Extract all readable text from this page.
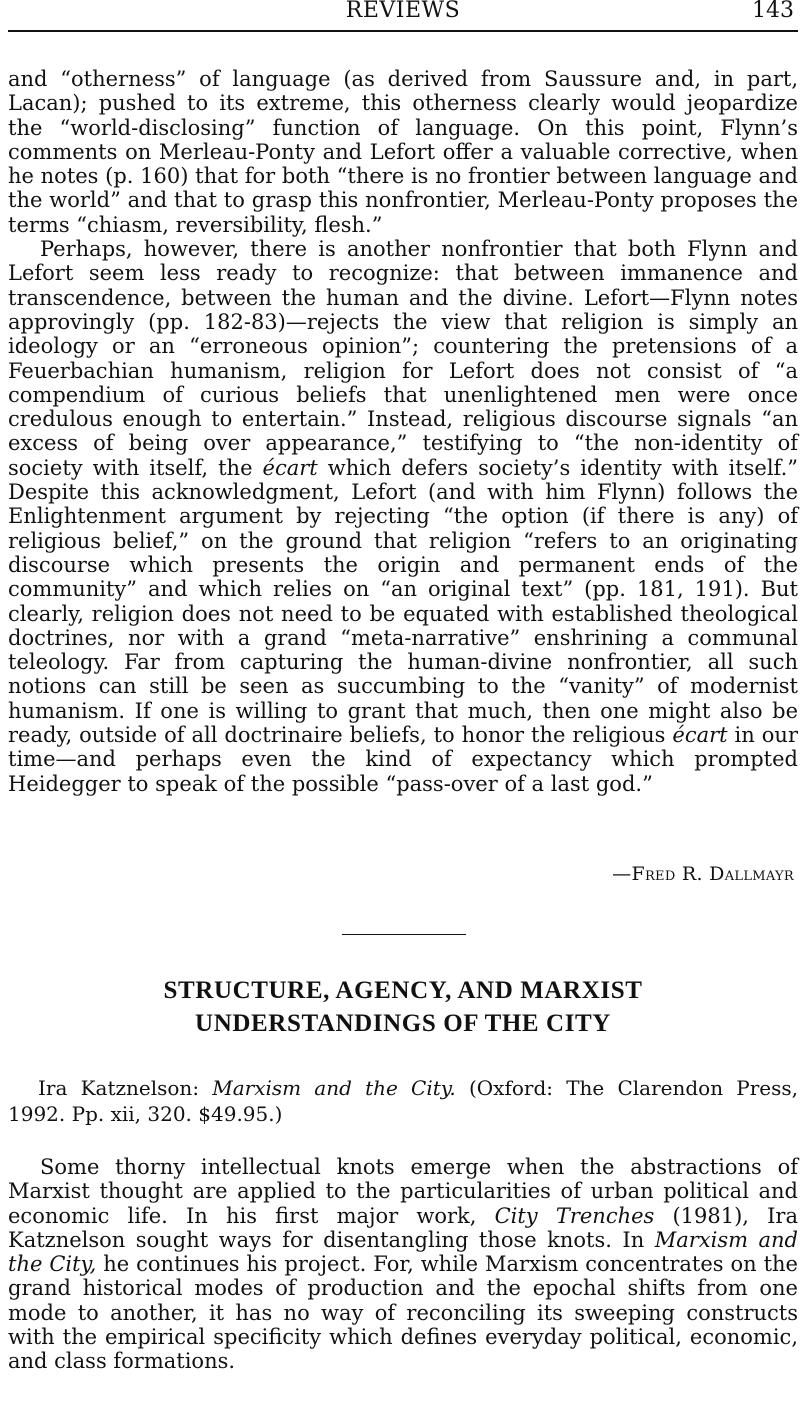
REVIEWS	143

and “otherness” of language (as derived from Saussure and, in part, Lacan); pushed to its extreme, this otherness clearly would jeopardize the “world-disclosing” function of language. On this point, Flynn’s comments on Merleau-Ponty and Lefort offer a valuable corrective, when he notes (p. 160) that for both “there is no frontier between language and the world” and that to grasp this nonfrontier, Merleau-Ponty proposes the terms “chiasm, reversibility, flesh.”

Perhaps, however, there is another nonfrontier that both Flynn and Lefort seem less ready to recognize: that between immanence and transcendence, between the human and the divine. Lefort—Flynn notes approvingly (pp. 182-83)—rejects the view that religion is simply an ideology or an “erroneous opinion”; countering the pretensions of a Feuerbachian humanism, religion for Lefort does not consist of “a compendium of curious beliefs that unenlightened men were once credulous enough to entertain.” Instead, religious discourse signals “an excess of being over appearance,” testifying to “the non-identity of society with itself, the écart which defers society’s identity with itself.” Despite this acknowledgment, Lefort (and with him Flynn) follows the Enlightenment argument by rejecting “the option (if there is any) of religious belief,” on the ground that religion “refers to an originating discourse which presents the origin and permanent ends of the community” and which relies on “an original text” (pp. 181, 191). But clearly, religion does not need to be equated with established theological doctrines, nor with a grand “meta-narrative” enshrining a communal teleology. Far from capturing the human-divine nonfrontier, all such notions can still be seen as succumbing to the “vanity” of modernist humanism. If one is willing to grant that much, then one might also be ready, outside of all doctrinaire beliefs, to honor the religious écart in our time—and perhaps even the kind of expectancy which prompted Heidegger to speak of the possible “pass-over of a last god.”

—Fred R. Dallmayr
STRUCTURE, AGENCY, AND MARXIST
UNDERSTANDINGS OF THE CITY
Ira Katznelson: Marxism and the City. (Oxford: The Clarendon Press, 1992. Pp. xii, 320. $49.95.)
Some thorny intellectual knots emerge when the abstractions of Marxist thought are applied to the particularities of urban political and economic life. In his first major work, City Trenches (1981), Ira Katznelson sought ways for disentangling those knots. In Marxism and the City, he continues his project. For, while Marxism concentrates on the grand historical modes of production and the epochal shifts from one mode to another, it has no way of reconciling its sweeping constructs with the empirical specificity which defines everyday political, economic, and class formations.
